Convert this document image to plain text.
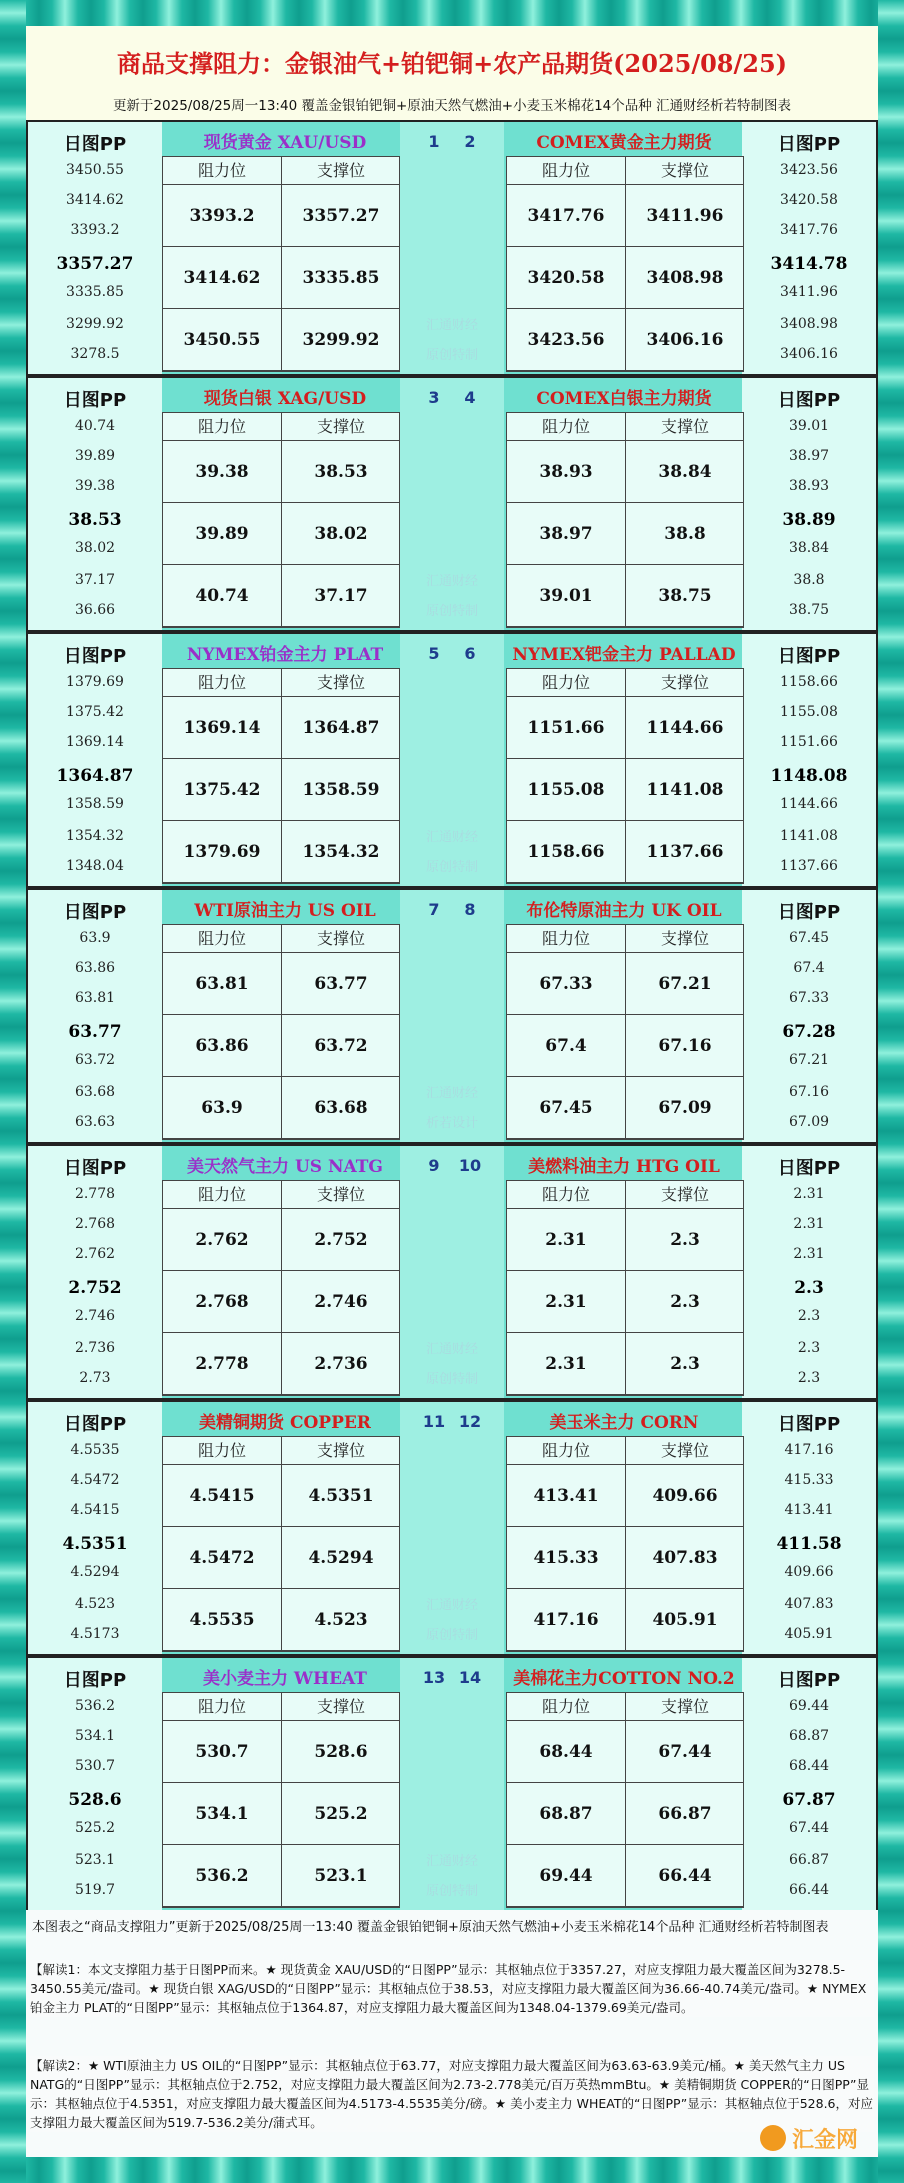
商品支撑阻力：金银油气+铂钯铜+农产品期货(2025/08/25)
更新于2025/08/25周一13:40 覆盖金银铂钯铜+原油天然气燃油+小麦玉米棉花14个品种 汇通财经析若特制图表
日图PP
3450.55
3414.62
3393.2
3357.27
3335.85
3299.92
3278.5
日图PP
3423.56
3420.58
3417.76
3414.78
3411.96
3408.98
3406.16
汇通财经
原创特制
现货黄金 XAU/USD	1	2	COMEX黄金主力期货
阻力位	支撑位
3393.2	3357.27
3414.62	3335.85
3450.55	3299.92
阻力位	支撑位
3417.76	3411.96
3420.58	3408.98
3423.56	3406.16
日图PP
40.74
39.89
39.38
38.53
38.02
37.17
36.66
日图PP
39.01
38.97
38.93
38.89
38.84
38.8
38.75
汇通财经
原创特制
现货白银 XAG/USD	3	4	COMEX白银主力期货
阻力位	支撑位
39.38	38.53
39.89	38.02
40.74	37.17
阻力位	支撑位
38.93	38.84
38.97	38.8
39.01	38.75
日图PP
1379.69
1375.42
1369.14
1364.87
1358.59
1354.32
1348.04
日图PP
1158.66
1155.08
1151.66
1148.08
1144.66
1141.08
1137.66
汇通财经
原创特制
NYMEX铂金主力 PLAT	5	6	NYMEX钯金主力 PALLAD
阻力位	支撑位
1369.14	1364.87
1375.42	1358.59
1379.69	1354.32
阻力位	支撑位
1151.66	1144.66
1155.08	1141.08
1158.66	1137.66
日图PP
63.9
63.86
63.81
63.77
63.72
63.68
63.63
日图PP
67.45
67.4
67.33
67.28
67.21
67.16
67.09
汇通财经
析若设计
WTI原油主力 US OIL	7	8	布伦特原油主力 UK OIL
阻力位	支撑位
63.81	63.77
63.86	63.72
63.9	63.68
阻力位	支撑位
67.33	67.21
67.4	67.16
67.45	67.09
日图PP
2.778
2.768
2.762
2.752
2.746
2.736
2.73
日图PP
2.31
2.31
2.31
2.3
2.3
2.3
2.3
汇通财经
原创特制
美天然气主力 US NATG	9	10	美燃料油主力 HTG OIL
阻力位	支撑位
2.762	2.752
2.768	2.746
2.778	2.736
阻力位	支撑位
2.31	2.3
2.31	2.3
2.31	2.3
日图PP
4.5535
4.5472
4.5415
4.5351
4.5294
4.523
4.5173
日图PP
417.16
415.33
413.41
411.58
409.66
407.83
405.91
汇通财经
原创特制
美精铜期货 COPPER	11 12	美玉米主力 CORN
阻力位	支撑位
4.5415	4.5351
4.5472	4.5294
4.5535	4.523
阻力位	支撑位
413.41	409.66
415.33	407.83
417.16	405.91
日图PP
536.2
534.1
530.7
528.6
525.2
523.1
519.7
日图PP
69.44
68.87
68.44
67.87
67.44
66.87
66.44
汇通财经
原创特制
美小麦主力 WHEAT	13 14 美棉花主力COTTON NO.2
阻力位	支撑位
530.7	528.6
534.1	525.2
536.2	523.1
阻力位	支撑位
68.44	67.44
68.87	66.87
69.44	66.44
本图表之“商品支撑阻力”更新于2025/08/25周一13:40 覆盖金银铂钯铜+原油天然气燃油+小麦玉米棉花14个品种 汇通财经析若特制图表
【解读1：本文支撑阻力基于日图PP而来。★ 现货黄金 XAU/USD的“日图PP”显示：其枢轴点位于3357.27，对应支撑阻力最大覆盖区间为3278.5-3450.55美元/盎司。★ 现货白银 XAG/USD的“日图PP”显示：其枢轴点位于38.53，对应支撑阻力最大覆盖区间为36.66-40.74美元/盎司。★ NYMEX铂金主力 PLAT的“日图PP”显示：其枢轴点位于1364.87，对应支撑阻力最大覆盖区间为1348.04-1379.69美元/盎司。
【解读2：★ WTI原油主力 US OIL的“日图PP”显示：其枢轴点位于63.77，对应支撑阻力最大覆盖区间为63.63-63.9美元/桶。★ 美天然气主力 US NATG的“日图PP”显示：其枢轴点位于2.752，对应支撑阻力最大覆盖区间为2.73-2.778美元/百万英热mmBtu。★ 美精铜期货 COPPER的“日图PP”显示：其枢轴点位于4.5351，对应支撑阻力最大覆盖区间为4.5173-4.5535美分/磅。★ 美小麦主力 WHEAT的“日图PP”显示：其枢轴点位于528.6，对应支撑阻力最大覆盖区间为519.7-536.2美分/蒲式耳。
汇金网
